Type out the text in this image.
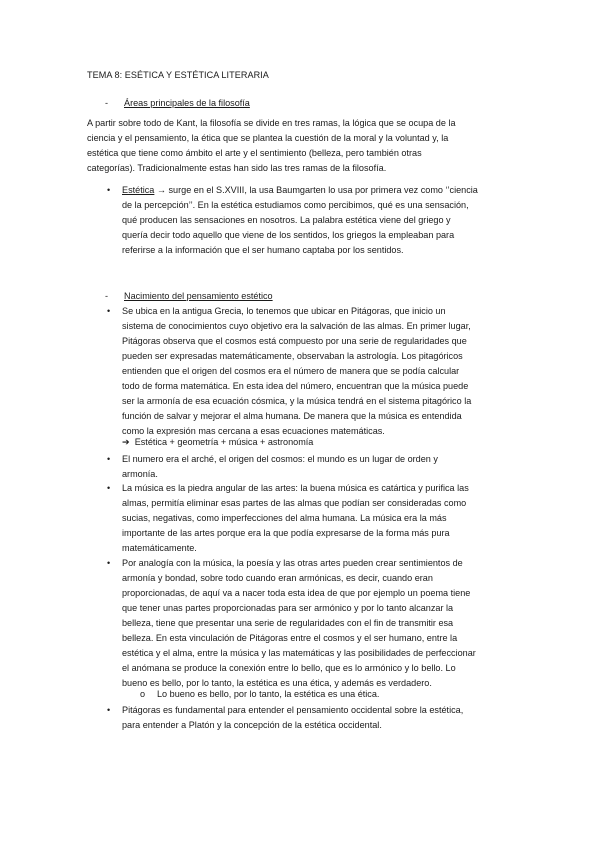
TEMA 8: ESÉTICA Y ESTÉTICA LITERARIA
- Áreas principales de la filosofía
A partir sobre todo de Kant, la filosofía se divide en tres ramas, la lógica que se ocupa de la
ciencia y el pensamiento, la ética que se plantea la cuestión de la moral y la voluntad y, la
estética que tiene como ámbito el arte y el sentimiento (belleza, pero también otras
categorías). Tradicionalmente estas han sido las tres ramas de la filosofía.
• Estética → surge en el S.XVIII, la usa Baumgarten lo usa por primera vez como ‘’ciencia
de la percepción’’. En la estética estudiamos como percibimos, qué es una sensación,
qué producen las sensaciones en nosotros. La palabra estética viene del griego y
quería decir todo aquello que viene de los sentidos, los griegos la empleaban para
referirse a la información que el ser humano captaba por los sentidos.
- Nacimiento del pensamiento estético
• Se ubica en la antigua Grecia, lo tenemos que ubicar en Pitágoras, que inicio un
sistema de conocimientos cuyo objetivo era la salvación de las almas. En primer lugar,
Pitágoras observa que el cosmos está compuesto por una serie de regularidades que
pueden ser expresadas matemáticamente, observaban la astrología. Los pitagóricos
entienden que el origen del cosmos era el número de manera que se podía calcular
todo de forma matemática. En esta idea del número, encuentran que la música puede
ser la armonía de esa ecuación cósmica, y la música tendrá en el sistema pitagórico la
función de salvar y mejorar el alma humana. De manera que la música es entendida
como la expresión mas cercana a esas ecuaciones matemáticas.
➔ Estética + geometría + música + astronomía
• El numero era el arché, el origen del cosmos: el mundo es un lugar de orden y
armonía.
• La música es la piedra angular de las artes: la buena música es catártica y purifica las
almas, permitía eliminar esas partes de las almas que podían ser consideradas como
sucias, negativas, como imperfecciones del alma humana. La música era la más
importante de las artes porque era la que podía expresarse de la forma más pura
matemáticamente.
• Por analogía con la música, la poesía y las otras artes pueden crear sentimientos de
armonía y bondad, sobre todo cuando eran armónicas, es decir, cuando eran
proporcionadas, de aquí va a nacer toda esta idea de que por ejemplo un poema tiene
que tener unas partes proporcionadas para ser armónico y por lo tanto alcanzar la
belleza, tiene que presentar una serie de regularidades con el fin de transmitir esa
belleza. En esta vinculación de Pitágoras entre el cosmos y el ser humano, entre la
estética y el alma, entre la música y las matemáticas y las posibilidades de perfeccionar
el anómana se produce la conexión entre lo bello, que es lo armónico y lo bello. Lo
bueno es bello, por lo tanto, la estética es una ética, y además es verdadero.
o Lo bueno es bello, por lo tanto, la estética es una ética.
• Pitágoras es fundamental para entender el pensamiento occidental sobre la estética,
para entender a Platón y la concepción de la estética occidental.
